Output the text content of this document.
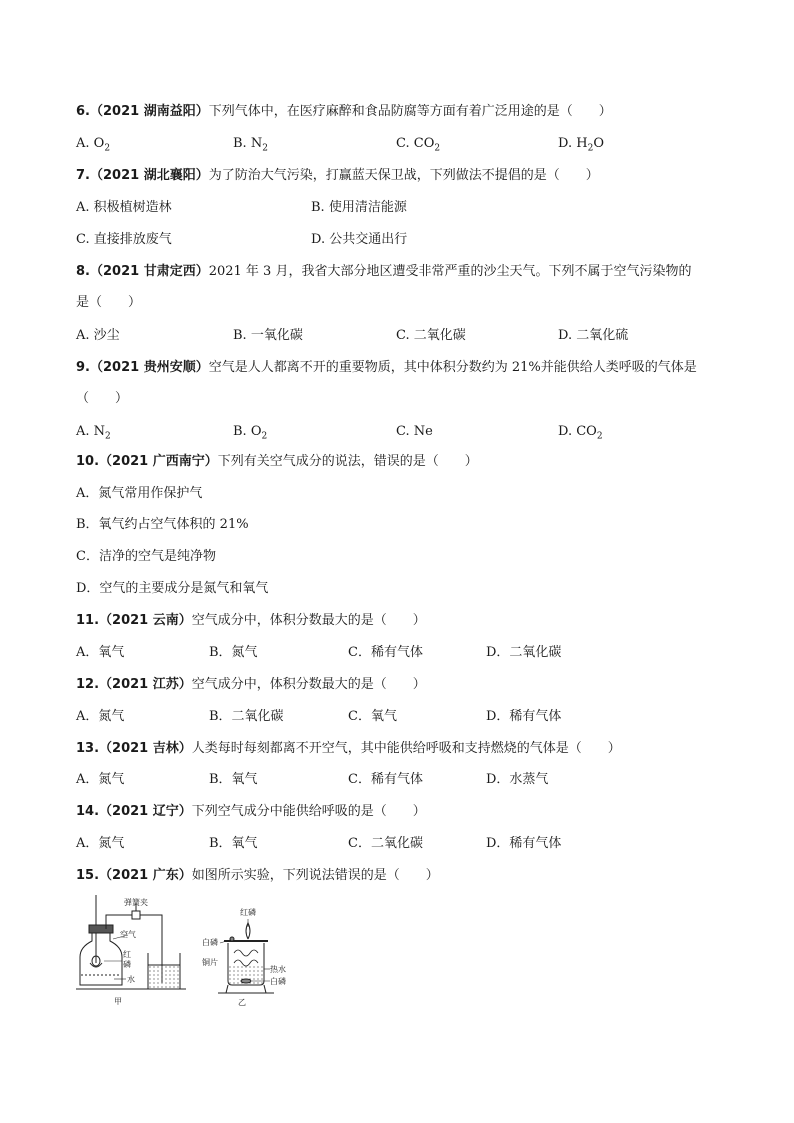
6.（2021 湖南益阳）下列气体中，在医疗麻醉和食品防腐等方面有着广泛用途的是（　　）
A. $O_2$	B. $N_2$	C. $CO_2$	D. $H_2O$
7.（2021 湖北襄阳）为了防治大气污染，打赢蓝天保卫战，下列做法不提倡的是（　　）
A. 积极植树造林	B. 使用清洁能源
C. 直接排放废气	D. 公共交通出行
8.（2021 甘肃定西）2021 年 3 月，我省大部分地区遭受非常严重的沙尘天气。下列不属于空气污染物的
是（　　）
A. 沙尘	B. 一氧化碳	C. 二氧化碳	D. 二氧化硫
9.（2021 贵州安顺）空气是人人都离不开的重要物质，其中体积分数约为 21%并能供给人类呼吸的气体是
（　　）
A. $N_2$	B. $O_2$	C. Ne	D. $CO_2$
10.（2021 广西南宁）下列有关空气成分的说法，错误的是（　　）
A．氮气常用作保护气
B．氧气约占空气体积的 21%
C．洁净的空气是纯净物
D．空气的主要成分是氮气和氧气
11.（2021 云南）空气成分中，体积分数最大的是（　　）
A．氧气	B．氮气	C．稀有气体	D．二氧化碳
12.（2021 江苏）空气成分中，体积分数最大的是（　　）
A．氮气	B．二氧化碳	C．氧气	D．稀有气体
13.（2021 吉林）人类每时每刻都离不开空气，其中能供给呼吸和支持燃烧的气体是（　　）
A．氮气	B．氧气	C．稀有气体	D．水蒸气
14.（2021 辽宁）下列空气成分中能供给呼吸的是（　　）
A．氮气	B．氧气	C．二氧化碳	D．稀有气体
15.（2021 广东）如图所示实验，下列说法错误的是（　　）
弹簧夹
空气
红
磷
水
甲
红磷
白磷
铜片
热水
白磷
乙
